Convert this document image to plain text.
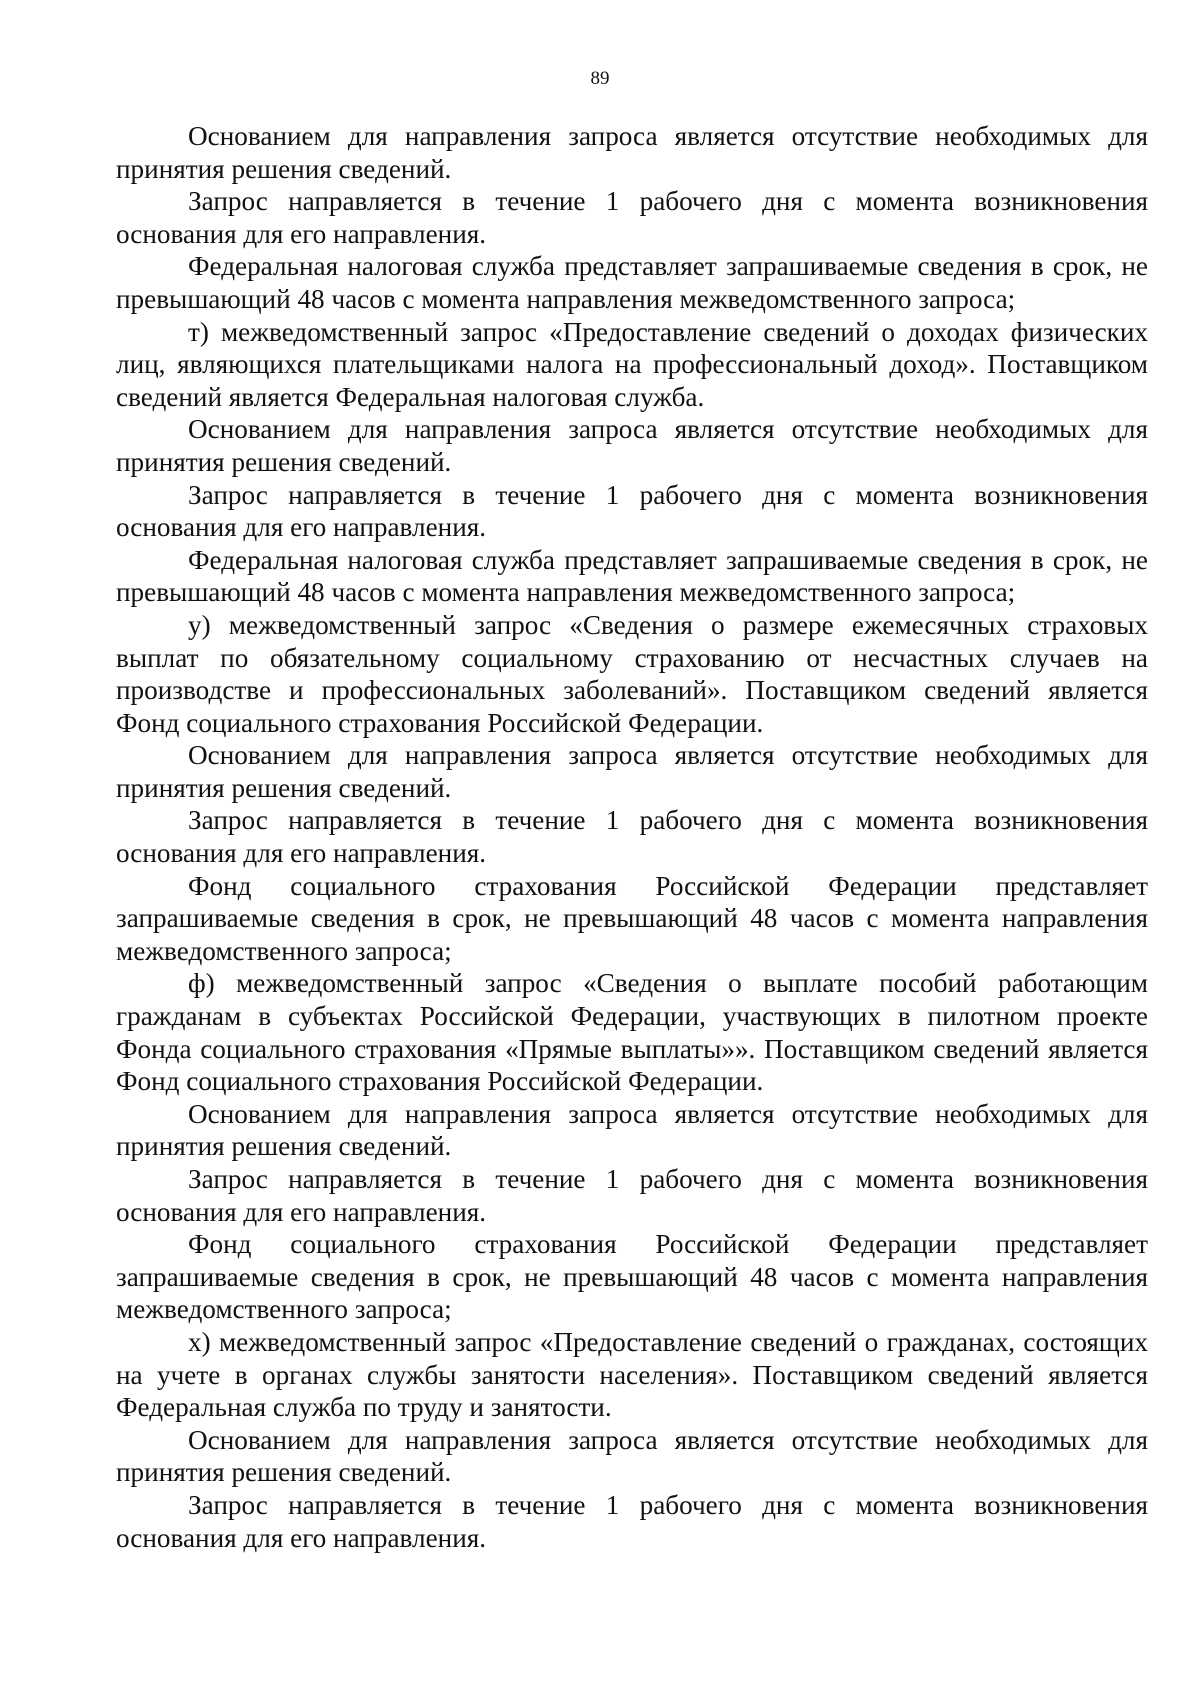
89

Основанием для направления запроса является отсутствие необходимых для принятия решения сведений.

Запрос направляется в течение 1 рабочего дня с момента возникновения основания для его направления.

Федеральная налоговая служба представляет запрашиваемые сведения в срок, не превышающий 48 часов с момента направления межведомственного запроса;

т) межведомственный запрос «Предоставление сведений о доходах физических лиц, являющихся плательщиками налога на профессиональный доход». Поставщиком сведений является Федеральная налоговая служба.

Основанием для направления запроса является отсутствие необходимых для принятия решения сведений.

Запрос направляется в течение 1 рабочего дня с момента возникновения основания для его направления.

Федеральная налоговая служба представляет запрашиваемые сведения в срок, не превышающий 48 часов с момента направления межведомственного запроса;

у) межведомственный запрос «Сведения о размере ежемесячных страховых выплат по обязательному социальному страхованию от несчастных случаев на производстве и профессиональных заболеваний». Поставщиком сведений является Фонд социального страхования Российской Федерации.

Основанием для направления запроса является отсутствие необходимых для принятия решения сведений.

Запрос направляется в течение 1 рабочего дня с момента возникновения основания для его направления.

Фонд социального страхования Российской Федерации представляет запрашиваемые сведения в срок, не превышающий 48 часов с момента направления межведомственного запроса;

ф) межведомственный запрос «Сведения о выплате пособий работающим гражданам в субъектах Российской Федерации, участвующих в пилотном проекте Фонда социального страхования «Прямые выплаты»». Поставщиком сведений является Фонд социального страхования Российской Федерации.

Основанием для направления запроса является отсутствие необходимых для принятия решения сведений.

Запрос направляется в течение 1 рабочего дня с момента возникновения основания для его направления.

Фонд социального страхования Российской Федерации представляет запрашиваемые сведения в срок, не превышающий 48 часов с момента направления межведомственного запроса;

х) межведомственный запрос «Предоставление сведений о гражданах, состоящих на учете в органах службы занятости населения». Поставщиком сведений является Федеральная служба по труду и занятости.

Основанием для направления запроса является отсутствие необходимых для принятия решения сведений.

Запрос направляется в течение 1 рабочего дня с момента возникновения основания для его направления.
